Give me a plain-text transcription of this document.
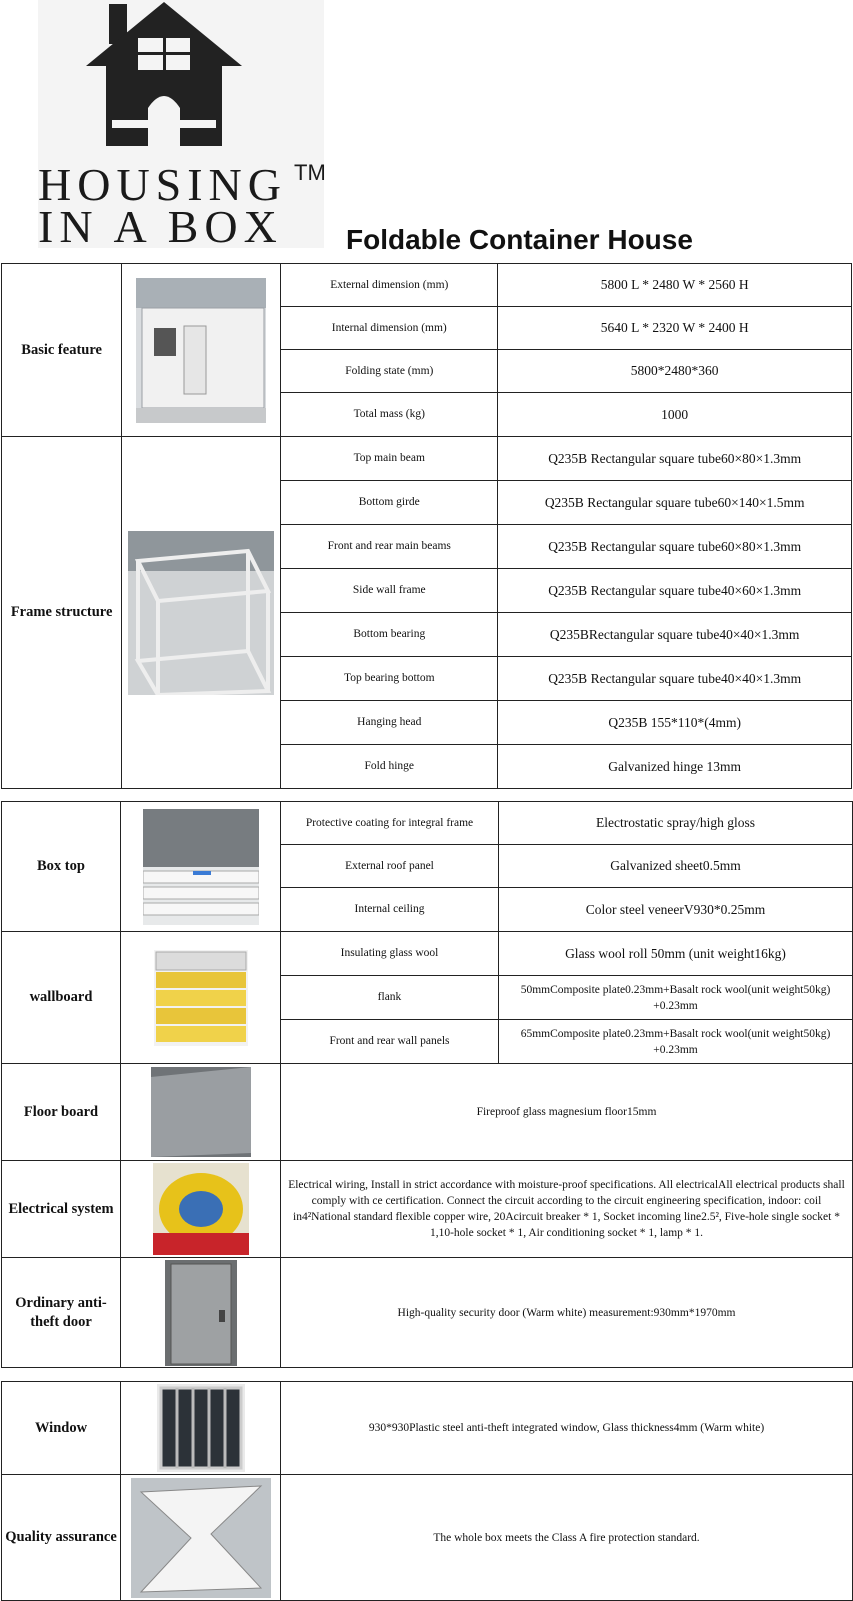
HOUSING TM
IN A BOX Foldable Container House
Basic feature		External dimension (mm)	5800 L * 2480 W * 2560 H
		Internal dimension (mm)	5640 L * 2320 W * 2400 H
		Folding state (mm)	5800*2480*360
		Total mass (kg)	1000
Frame structure		Top main beam	Q235B Rectangular square tube60×80×1.3mm
		Bottom girde	Q235B Rectangular square tube60×140×1.5mm
		Front and rear main beams	Q235B Rectangular square tube60×80×1.3mm
		Side wall frame	Q235B Rectangular square tube40×60×1.3mm
		Bottom bearing	Q235BRectangular square tube40×40×1.3mm
		Top bearing bottom	Q235B Rectangular square tube40×40×1.3mm
		Hanging head	Q235B 155*110*(4mm)
		Fold hinge	Galvanized hinge 13mm
Box top		Protective coating for integral frame	Electrostatic spray/high gloss
		External roof panel	Galvanized sheet0.5mm
		Internal ceiling	Color steel veneerV930*0.25mm
wallboard		Insulating glass wool	Glass wool roll 50mm (unit weight16kg)
		flank	50mmComposite plate0.23mm+Basalt rock wool(unit weight50kg) +0.23mm
		Front and rear wall panels	65mmComposite plate0.23mm+Basalt rock wool(unit weight50kg) +0.23mm
Floor board		Fireproof glass magnesium floor15mm	
Electrical system		Electrical wiring, Install in strict accordance with moisture-proof specifications. All electricalAll electrical products shall comply with ce certification. Connect the circuit according to the circuit engineering specification, indoor: coil in4²National standard flexible copper wire, 20Acircuit breaker * 1, Socket incoming line2.5², Five-hole single socket * 1,10-hole socket * 1, Air conditioning socket * 1, lamp * 1.	
Ordinary anti-theft door		High-quality security door (Warm white) measurement:930mm*1970mm	
Window		930*930Plastic steel anti-theft integrated window, Glass thickness4mm (Warm white)
Quality assurance		The whole box meets the Class A fire protection standard.
